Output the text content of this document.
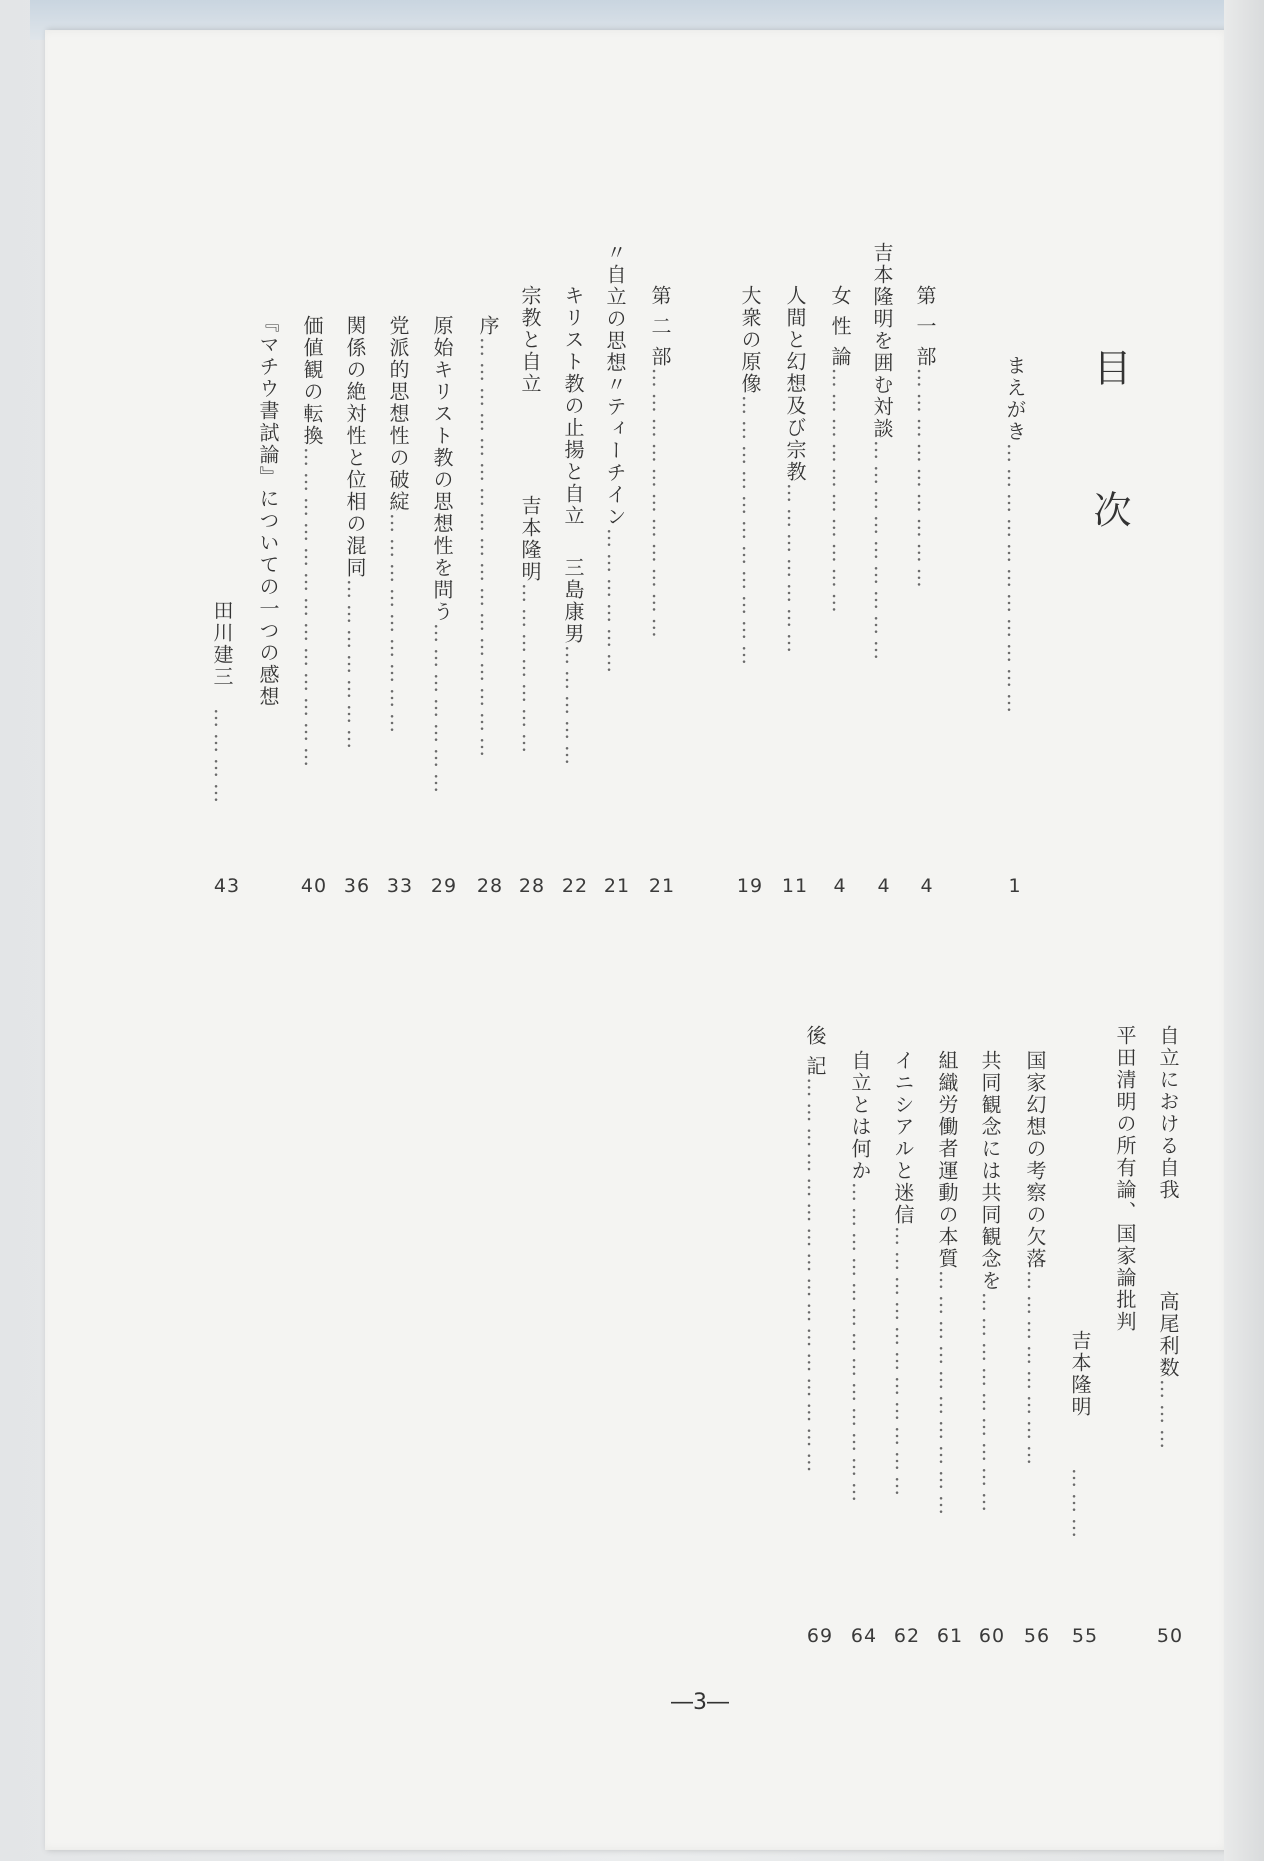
目 次
まえがき……………………………
1
第 一 部………………………
4
吉本隆明を囲む対談………………………
4
女 性 論…………………………
4
人間と幻想及び宗教…………………
11
大衆の原像……………………………
19
第 二 部……………………………
21
〃自立の思想〃ティーチイン………………
21
キリスト教の止揚と自立三島康男……………
22
宗教と自立吉本隆明…………………
28
序……………………………………………
28
原始キリスト教の思想性を問う…………………
29
党派的思想性の破綻………………………
33
関係の絶対性と位相の混同…………………
36
価値観の転換…………………………………
40
『マチウ書試論』についての一つの感想
田川建三…………
43
自立における自我高尾利数………
50
平田清明の所有論、国家論批判
吉本隆明………
55
国家幻想の考察の欠落……………………
56
共同観念には共同観念を………………………
60
組織労働者運動の本質…………………………
61
イニシアルと迷信……………………………
62
自立とは何か…………………………………
64
後 記…………………………………………
69
―3―
